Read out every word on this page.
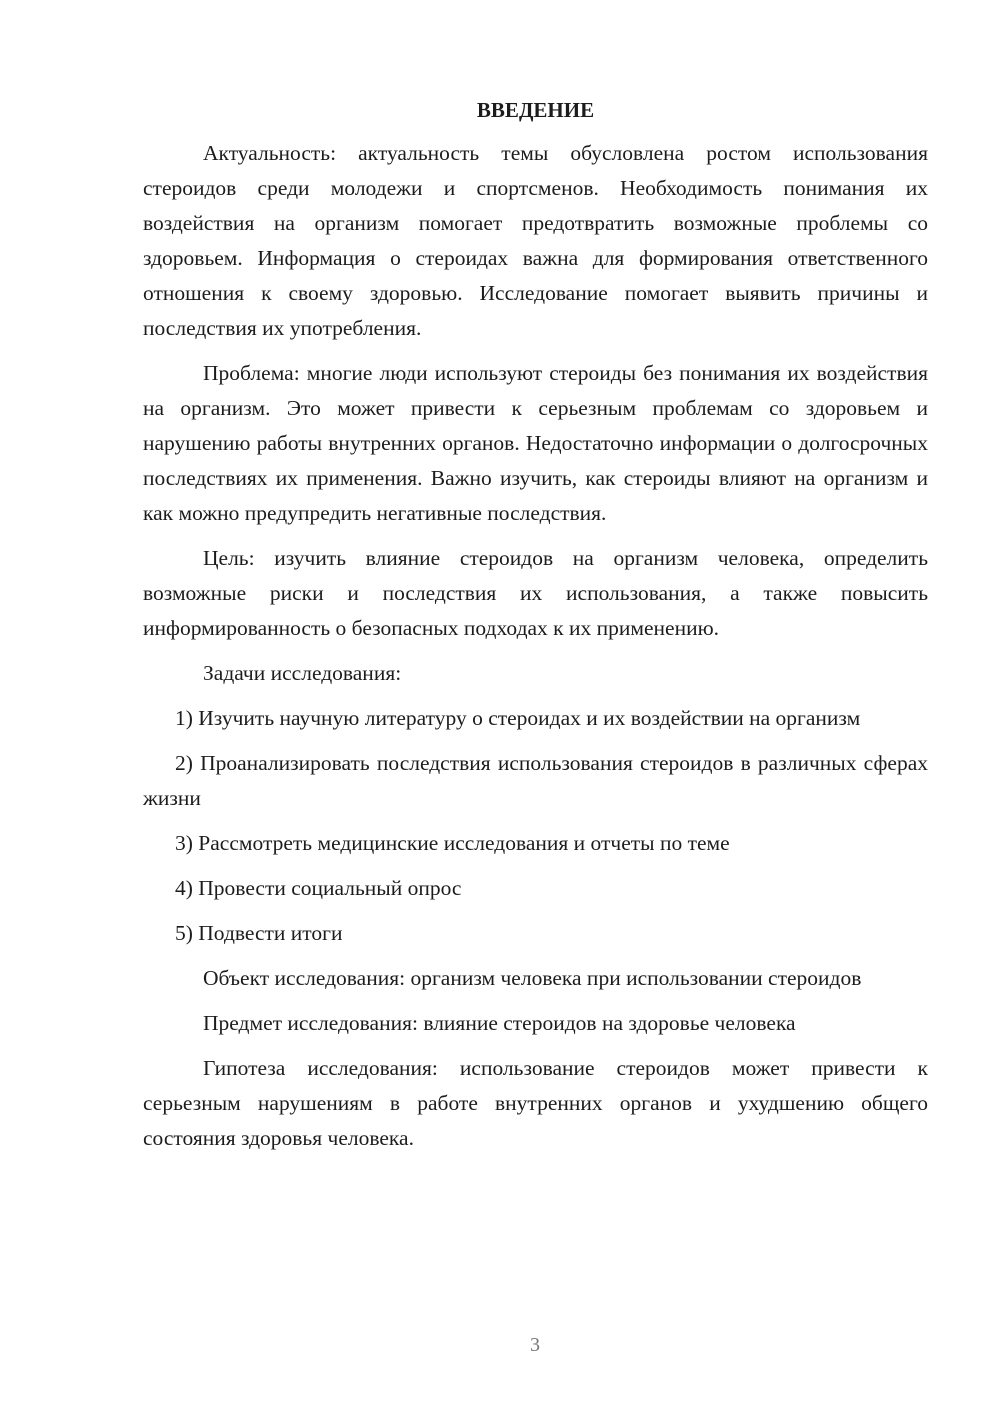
ВВЕДЕНИЕ

Актуальность: актуальность темы обусловлена ростом использования стероидов среди молодежи и спортсменов. Необходимость понимания их воздействия на организм помогает предотвратить возможные проблемы со здоровьем. Информация о стероидах важна для формирования ответственного отношения к своему здоровью. Исследование помогает выявить причины и последствия их употребления.

Проблема: многие люди используют стероиды без понимания их воздействия на организм. Это может привести к серьезным проблемам со здоровьем и нарушению работы внутренних органов. Недостаточно информации о долгосрочных последствиях их применения. Важно изучить, как стероиды влияют на организм и как можно предупредить негативные последствия.

Цель: изучить влияние стероидов на организм человека, определить возможные риски и последствия их использования, а также повысить информированность о безопасных подходах к их применению.

Задачи исследования:

1) Изучить научную литературу о стероидах и их воздействии на организм

2) Проанализировать последствия использования стероидов в различных сферах жизни

3) Рассмотреть медицинские исследования и отчеты по теме

4) Провести социальный опрос

5) Подвести итоги

Объект исследования: организм человека при использовании стероидов

Предмет исследования: влияние стероидов на здоровье человека

Гипотеза исследования: использование стероидов может привести к серьезным нарушениям в работе внутренних органов и ухудшению общего состояния здоровья человека.

3
